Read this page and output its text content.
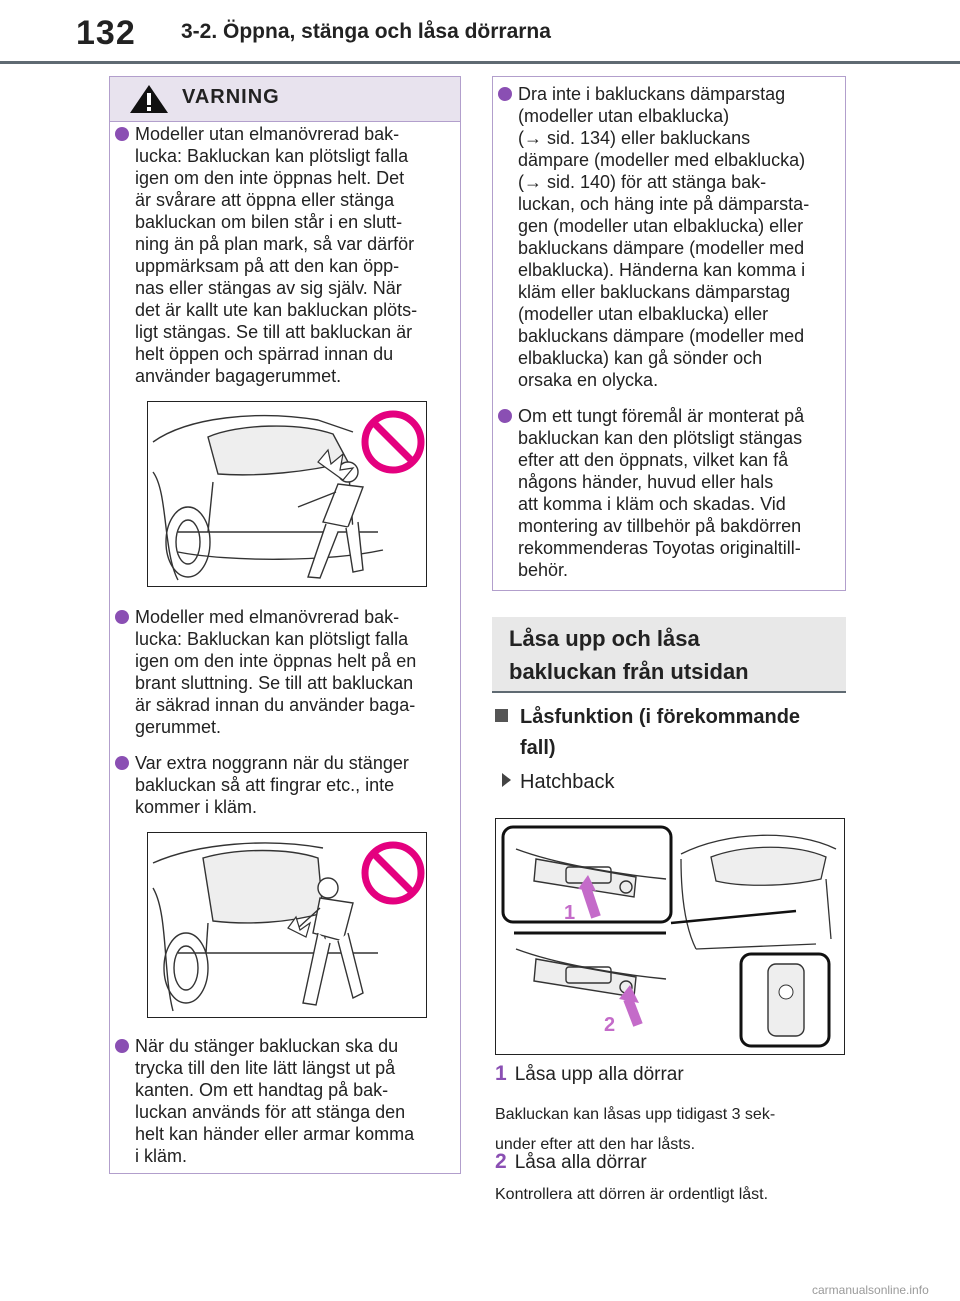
132 3-2. Öppna, stänga och låsa dörrarna
VARNING
Modeller utan elmanövrerad bak-
lucka: Bakluckan kan plötsligt falla
igen om den inte öppnas helt. Det
är svårare att öppna eller stänga
bakluckan om bilen står i en slutt-
ning än på plan mark, så var därför
uppmärksam på att den kan öpp-
nas eller stängas av sig själv. När
det är kallt ute kan bakluckan plöts-
ligt stängas. Se till att bakluckan är
helt öppen och spärrad innan du
använder bagagerummet.
Modeller med elmanövrerad bak-
lucka: Bakluckan kan plötsligt falla
igen om den inte öppnas helt på en
brant sluttning. Se till att bakluckan
är säkrad innan du använder baga-
gerummet.
Var extra noggrann när du stänger
bakluckan så att fingrar etc., inte
kommer i kläm.
När du stänger bakluckan ska du
trycka till den lite lätt längst ut på
kanten. Om ett handtag på bak-
luckan används för att stänga den
helt kan händer eller armar komma
i kläm.
Dra inte i bakluckans dämparstag
(modeller utan elbaklucka)
(→ sid. 134) eller bakluckans
dämpare (modeller med elbaklucka)
(→ sid. 140) för att stänga bak-
luckan, och häng inte på dämparsta-
gen (modeller utan elbaklucka) eller
bakluckans dämpare (modeller med
elbaklucka). Händerna kan komma i
kläm eller bakluckans dämparstag
(modeller utan elbaklucka) eller
bakluckans dämpare (modeller med
elbaklucka) kan gå sönder och
orsaka en olycka.
Om ett tungt föremål är monterat på
bakluckan kan den plötsligt stängas
efter att den öppnats, vilket kan få
någons händer, huvud eller hals
att komma i kläm och skadas. Vid
montering av tillbehör på bakdörren
rekommenderas Toyotas originaltill-
behör.
Låsa upp och låsa
bakluckan från utsidan
Låsfunktion (i förekommande
fall)
Hatchback
1
2
1 Låsa upp alla dörrar
Bakluckan kan låsas upp tidigast 3 sek-
under efter att den har låsts.
2 Låsa alla dörrar
Kontrollera att dörren är ordentligt låst.
carmanualsonline.info
